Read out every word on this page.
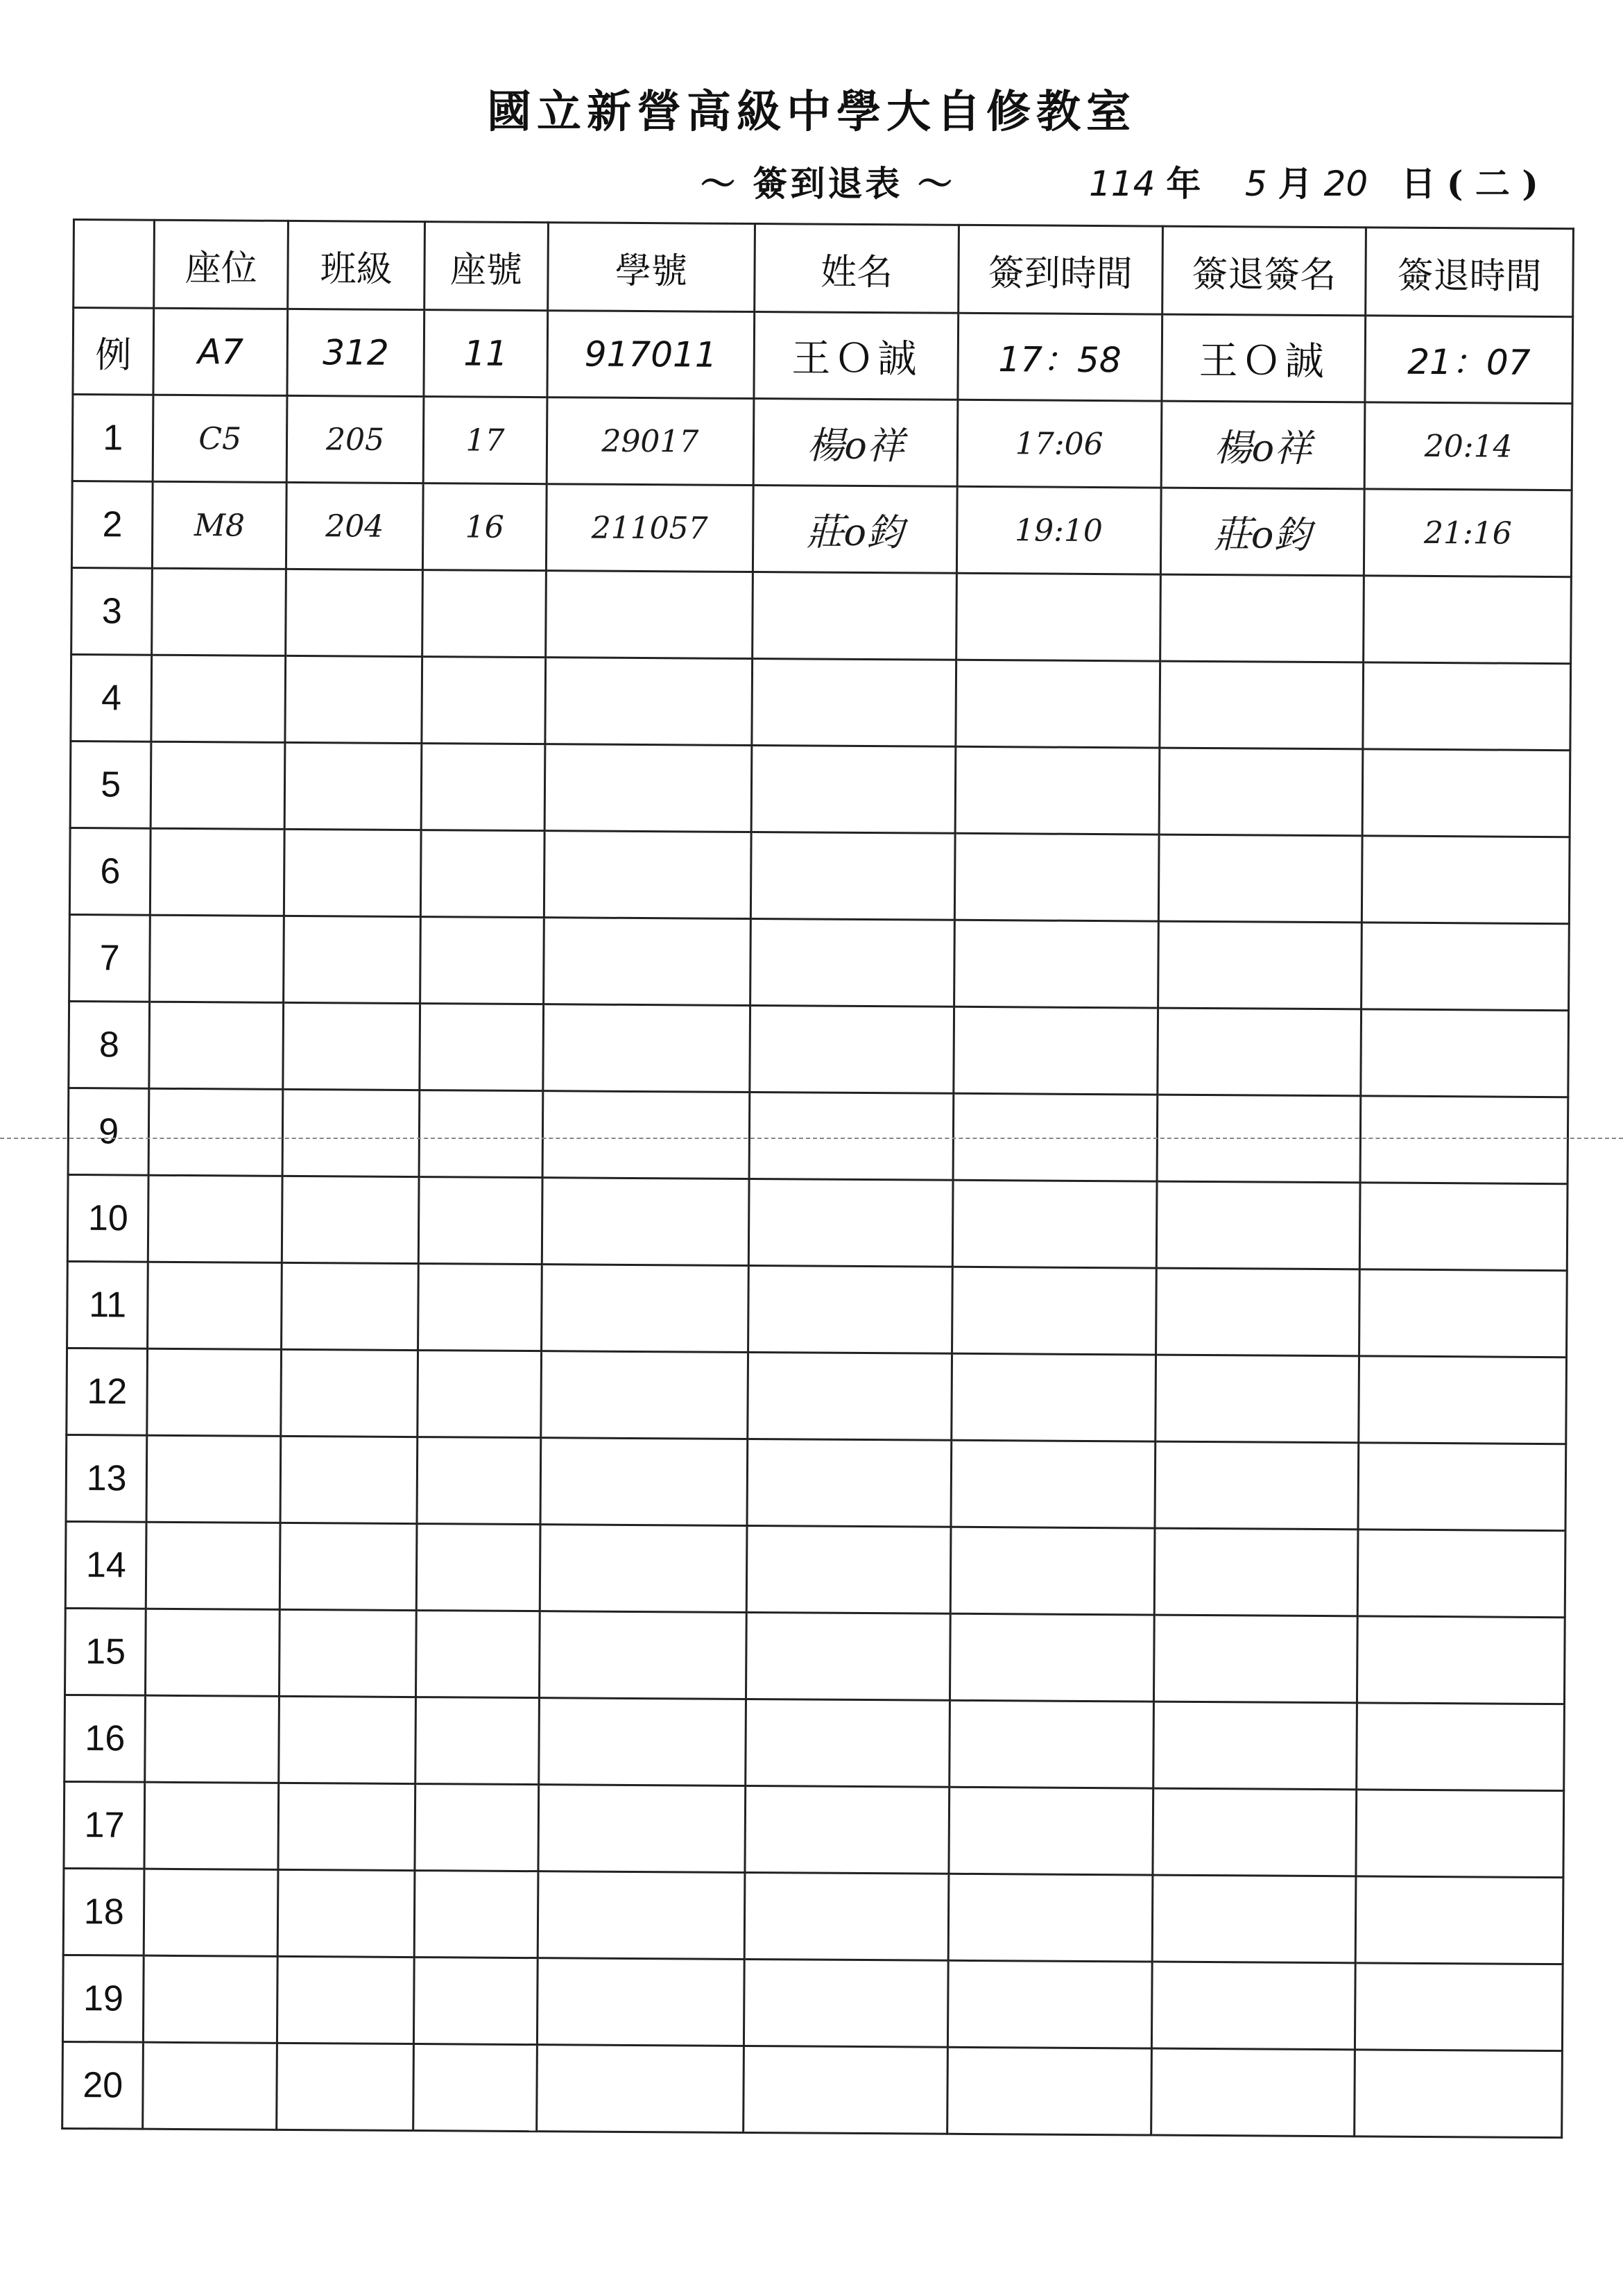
國立新營高級中學大自修教室
～ 簽到退表 ～	114 年 5 月 20 日 ( 二 )
	座位	班級	座號	學號	姓名	簽到時間	簽退簽名	簽退時間
例	A7	312	11	917011	王Ｏ誠	17：58	王Ｏ誠	21：07
1	C5	205	17	29017	楊o祥	17:06	楊o祥	20:14
2	M8	204	16	211057	莊o鈞	19:10	莊o鈞	21:16
3								
4								
5								
6								
7								
8								
9								
10								
11								
12								
13								
14								
15								
16								
17								
18								
19								
20								
